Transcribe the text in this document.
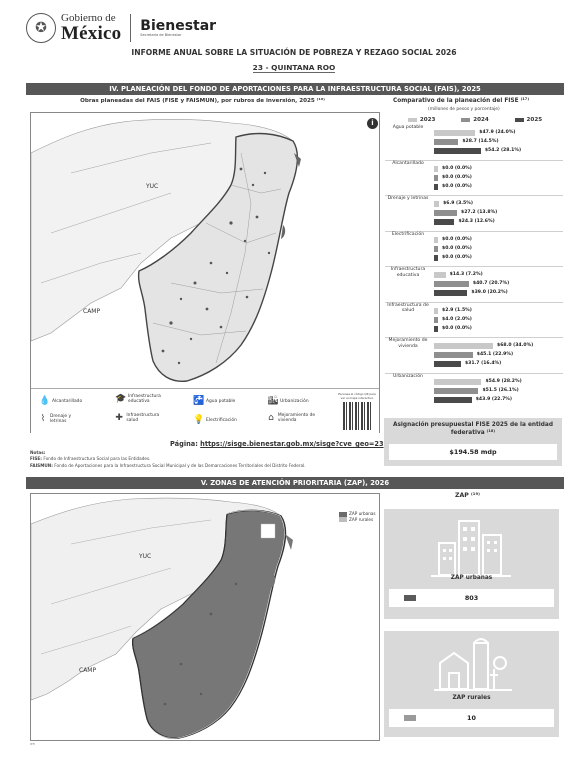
✪
Gobierno de
México Bienestar
Secretaría de Bienestar
INFORME ANUAL SOBRE LA SITUACIÓN DE POBREZA Y REZAGO SOCIAL 2026
23 - QUINTANA ROO
IV. PLANEACIÓN DEL FONDO DE APORTACIONES PARA LA INFRAESTRUCTURA SOCIAL (FAIS), 2025
Obras planeadas del FAIS (FISE y FAISMUN), por rubros de inversión, 2025 ⁽¹⁶⁾
YUC
CAMP
i
💧 Alcantarillado	🎓 Infraestructura educativa	🚰 Agua potable	🏙 Urbanización
⌇	Drenaje y letrinas	✚ Infraestructura salud	💡 Electrificación	⌂ Mejoramiento de vivienda
Escanea el código QR para ver el mapa interactivo
Página: https://sisge.bienestar.gob.mx/sisge?cve_geo=23
Notas:
FISE: Fondo de Infraestructura Social para las Entidades.
FAISMUN: Fondo de Aportaciones para la Infraestructura Social Municipal y de las Demarcaciones Territoriales del Distrito Federal.
Comparativo de la planeación del FISE ⁽¹⁷⁾
(millones de pesos y porcentaje)
2023	2024	2025
Agua potable
$47.9 (24.0%)
$28.7 (14.5%)
$54.2 (28.1%)
Alcantarillado
$0.0 (0.0%)
$0.0 (0.0%)
$0.0 (0.0%)
Drenaje y letrinas
$6.9 (3.5%)
$27.2 (13.8%)
$24.3 (12.6%)
Electrificación
$0.0 (0.0%)
$0.0 (0.0%)
$0.0 (0.0%)
Infraestructura educativa	$14.3 (7.2%)
$40.7 (20.7%)
$39.0 (20.2%)
Infraestructura de salud	$2.9 (1.5%)
$4.0 (2.0%)
$0.0 (0.0%)
Mejoramiento de vivienda	$68.0 (34.0%)
$45.1 (22.9%)
$31.7 (16.4%)
Urbanización
$54.9 (28.2%)
$51.5 (26.1%)
$43.9 (22.7%)
Asignación presupuestal FISE 2025 de la entidad federativa ⁽¹⁸⁾
$194.58 mdp
V. ZONAS DE ATENCIÓN PRIORITARIA (ZAP), 2026
YUC
CAMP
ZAP urbanas
ZAP rurales
ZAP ⁽¹⁹⁾
ZAP urbanas
803
ZAP rurales
10
⁽¹⁹⁾
